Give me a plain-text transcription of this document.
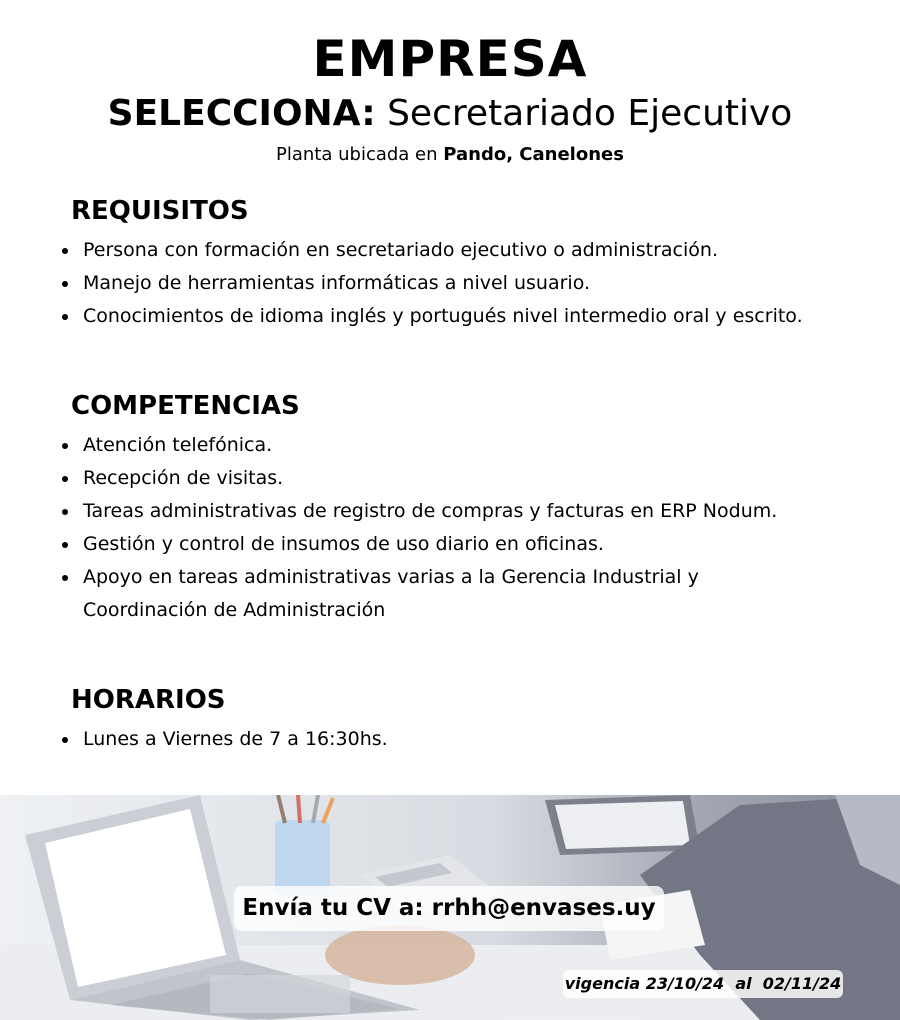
EMPRESA
SELECCIONA: Secretariado Ejecutivo
Planta ubicada en Pando, Canelones
REQUISITOS
Persona con formación en secretariado ejecutivo o administración.
Manejo de herramientas informáticas a nivel usuario.
Conocimientos de idioma inglés y portugués nivel intermedio oral y escrito.
COMPETENCIAS
Atención telefónica.
Recepción de visitas.
Tareas administrativas de registro de compras y facturas en ERP Nodum.
Gestión y control de insumos de uso diario en oficinas.
Apoyo en tareas administrativas varias a la Gerencia Industrial y Coordinación de Administración
HORARIOS
Lunes a Viernes de 7 a 16:30hs.
Envía tu CV a: rrhh@envases.uy
vigencia 23/10/24  al  02/11/24
